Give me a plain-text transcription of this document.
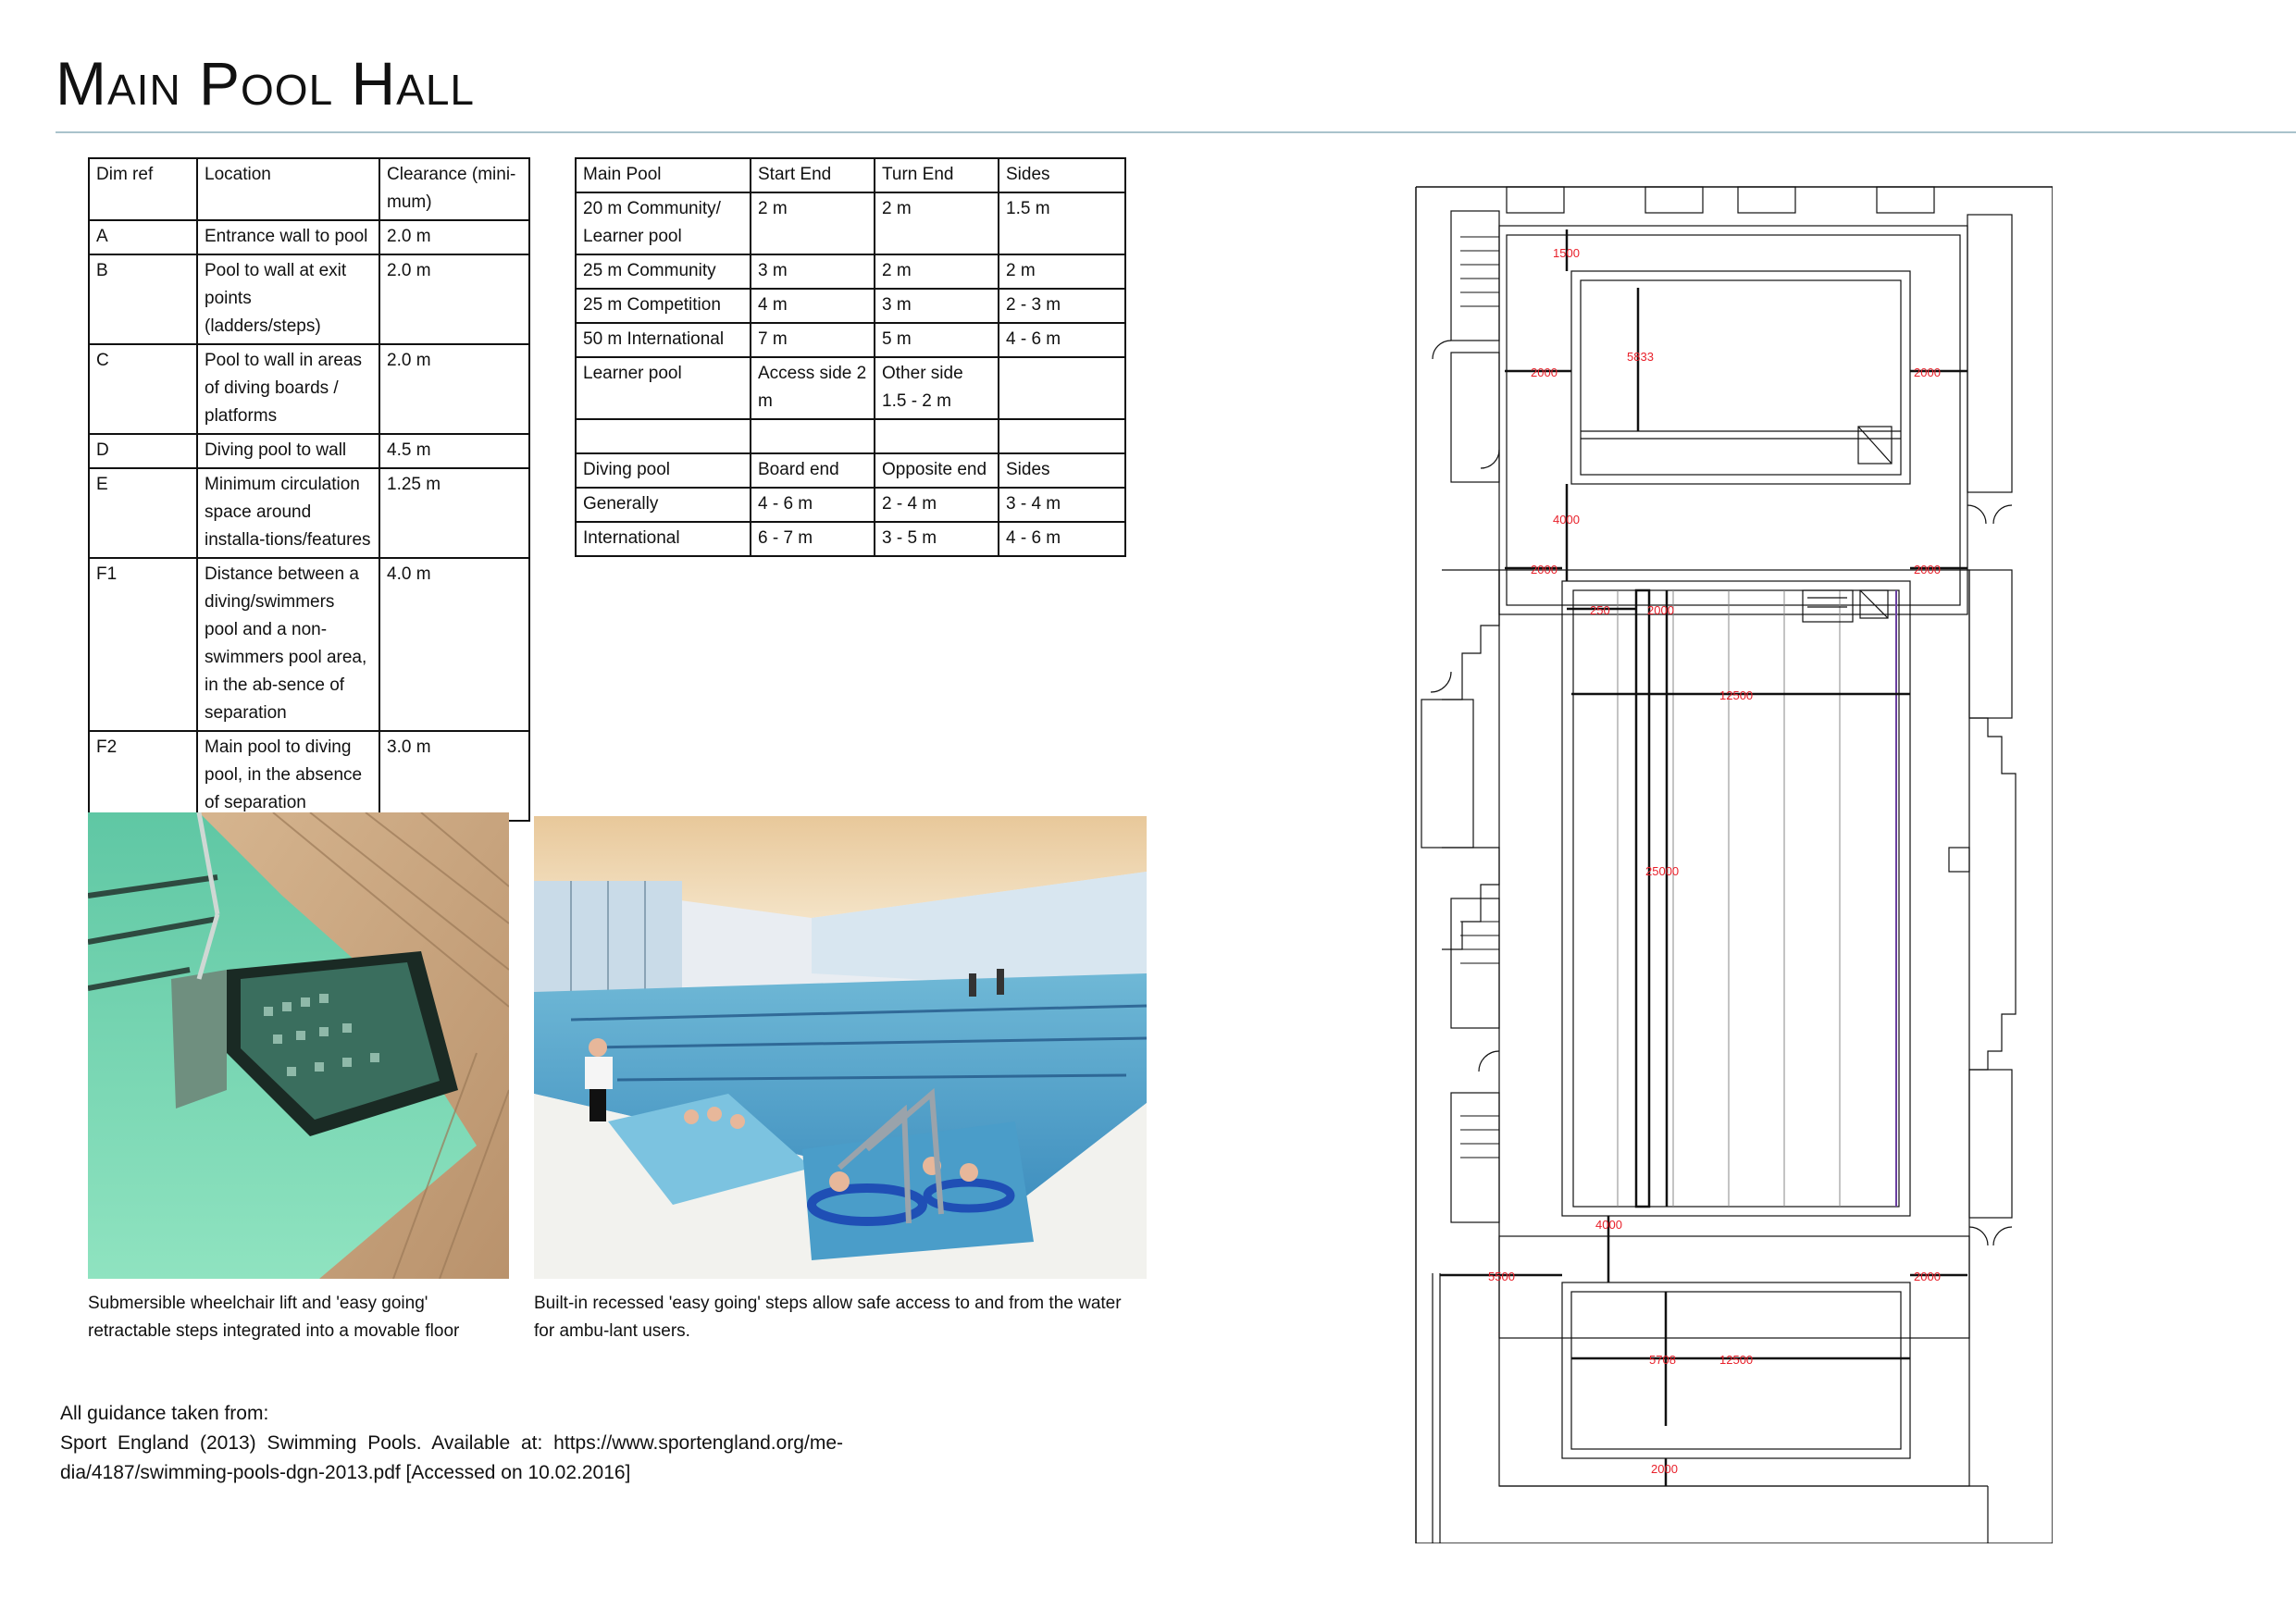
Main Pool Hall
Dim ref	Location	Clearance (mini-mum)
A	Entrance wall to pool	2.0 m
B	Pool to wall at exit points (ladders/steps)	2.0 m
C	Pool to wall in areas of diving boards / platforms	2.0 m
D	Diving pool to wall	4.5 m
E	Minimum circulation space around installa-tions/features	1.25 m
F1	Distance between a diving/swimmers pool and a non-swimmers pool area, in the ab-sence of separation	4.0 m
F2	Main pool to diving pool, in the absence of separation	3.0 m
Main Pool	Start End	Turn End	Sides
20 m Community/ Learner pool	2 m	2 m	1.5 m
25 m Community	3 m	2 m	2 m
25 m Competition	4 m	3 m	2 - 3 m
50 m International	7 m	5 m	4 - 6 m
Learner pool	Access side 2 m	Other side 1.5 - 2 m	

Diving pool	Board end	Opposite end	Sides
Generally	4 - 6 m	2 - 4 m	3 - 4 m
International	6 - 7 m	3 - 5 m	4 - 6 m
Submersible wheelchair lift and 'easy going' retractable steps integrated into a movable floor
Built-in recessed 'easy going' steps allow safe access to and from the water for ambu-lant users.

All guidance taken from:

Sport England (2013) Swimming Pools. Available at: https://www.sportengland.org/me-dia/4187/swimming-pools-dgn-2013.pdf [Accessed on 10.02.2016]

1500
5833
2000	2000
4000
2000	2000
250	2000
12500
25000
4000
5500	2000
5708	12500
2000
